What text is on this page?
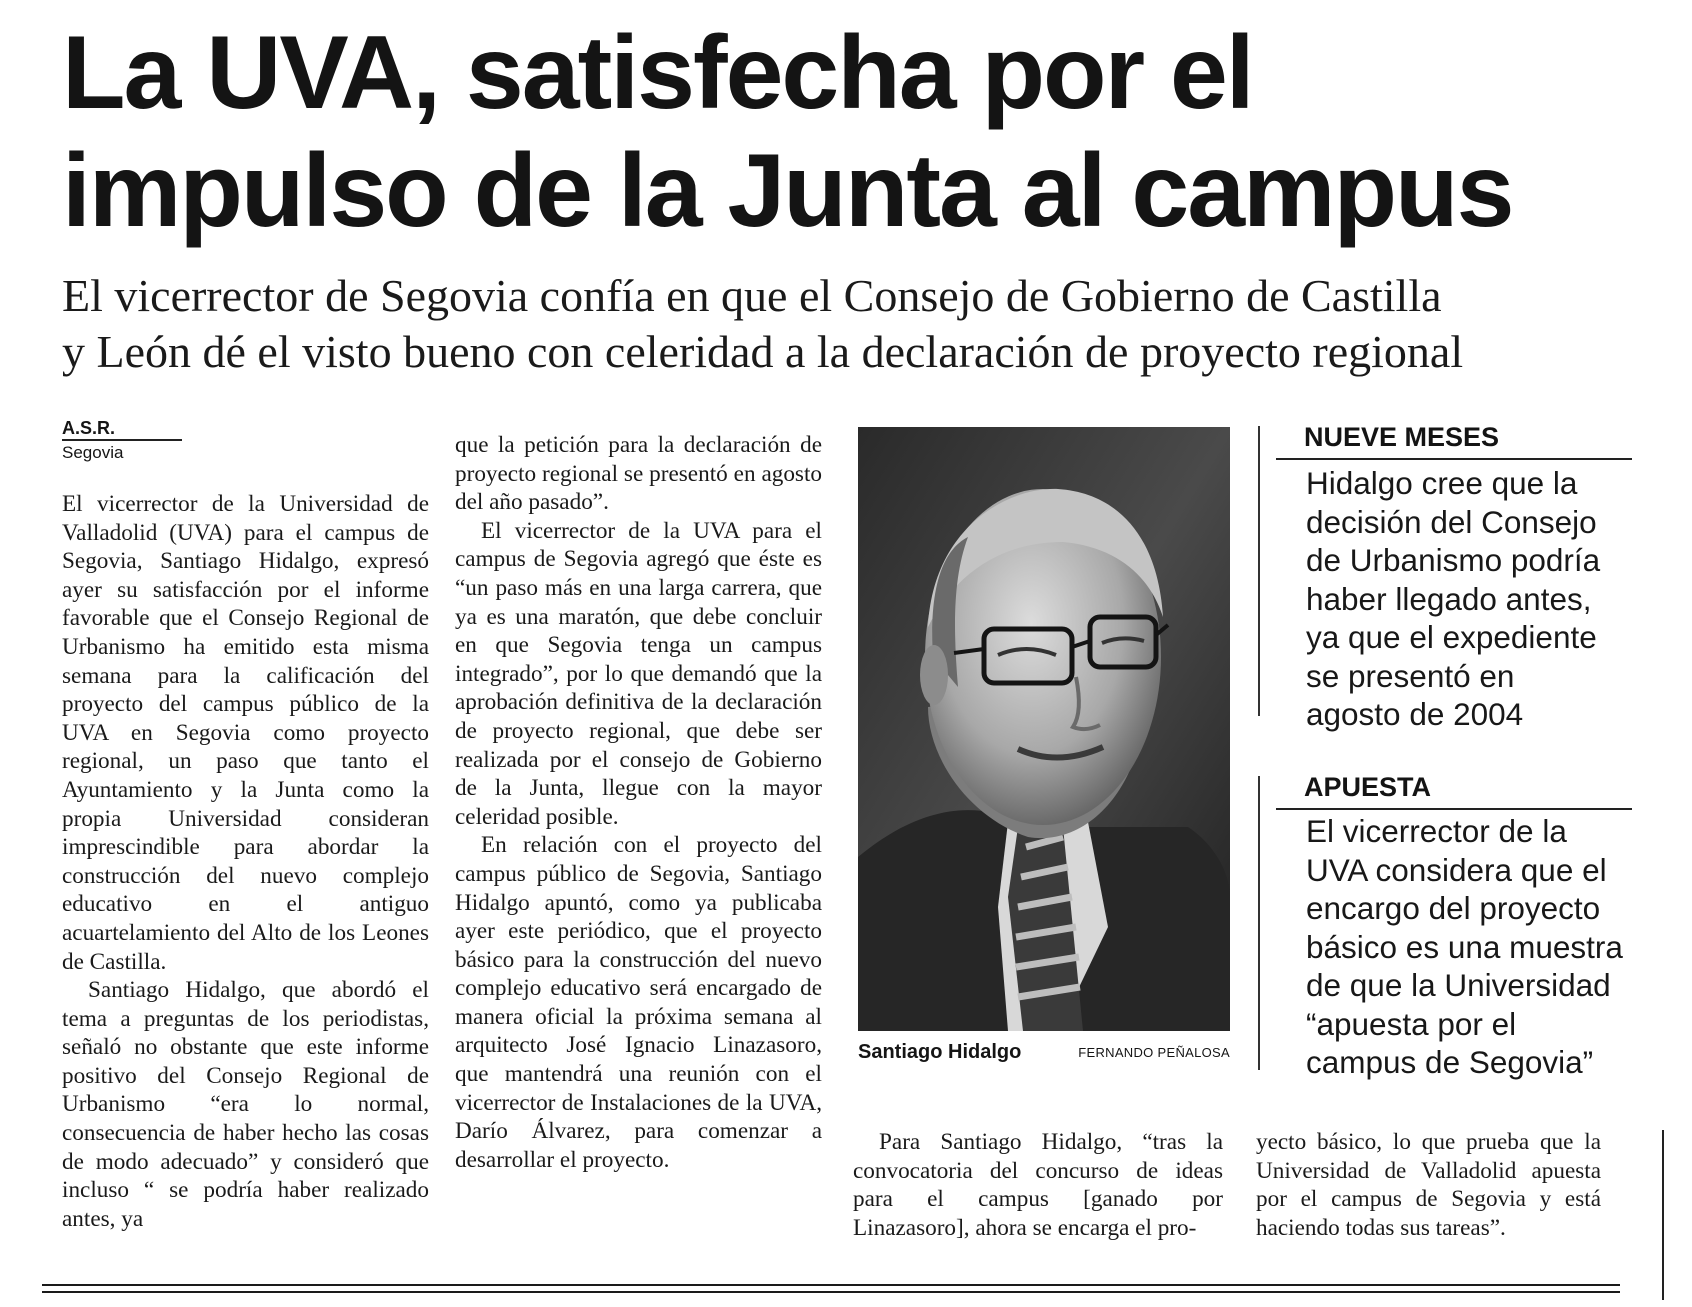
La UVA, satisfecha por el
impulso de la Junta al campus
El vicerrector de Segovia confía en que el Consejo de Gobierno de Castilla
y León dé el visto bueno con celeridad a la declaración de proyecto regional
A.S.R.
Segovia

El vicerrector de la Universidad de Valladolid (UVA) para el campus de Segovia, Santiago Hidalgo, expresó ayer su satisfacción por el informe favorable que el Consejo Regional de Urbanismo ha emitido esta misma semana para la calificación del proyecto del campus público de la UVA en Segovia como proyecto regional, un paso que tanto el Ayuntamiento y la Junta como la propia Universidad consideran imprescindible para abordar la construcción del nuevo complejo educativo en el antiguo acuartelamiento del Alto de los Leones de Castilla.

Santiago Hidalgo, que abordó el tema a preguntas de los periodistas, señaló no obstante que este informe positivo del Consejo Regional de Urbanismo “era lo normal, consecuencia de haber hecho las cosas de modo adecuado” y consideró que incluso “ se podría haber realizado antes, ya

que la petición para la declaración de proyecto regional se presentó en agosto del año pasado”.

El vicerrector de la UVA para el campus de Segovia agregó que éste es “un paso más en una larga carrera, que ya es una maratón, que debe concluir en que Segovia tenga un campus integrado”, por lo que demandó que la aprobación definitiva de la declaración de proyecto regional, que debe ser realizada por el consejo de Gobierno de la Junta, llegue con la mayor celeridad posible.

En relación con el proyecto del campus público de Segovia, Santiago Hidalgo apuntó, como ya publicaba ayer este periódico, que el proyecto básico para la construcción del nuevo complejo educativo será encargado de manera oficial la próxima semana al arquitecto José Ignacio Linazasoro, que mantendrá una reunión con el vicerrector de Instalaciones de la UVA, Darío Álvarez, para comenzar a desarrollar el proyecto.

Santiago Hidalgo	FERNANDO PEÑALOSA
NUEVE MESES
Hidalgo cree que la
decisión del Consejo
de Urbanismo podría
haber llegado antes,
ya que el expediente
se presentó en
agosto de 2004
APUESTA
El vicerrector de la
UVA considera que el
encargo del proyecto
básico es una muestra
de que la Universidad
“apuesta por el
campus de Segovia”

Para Santiago Hidalgo, “tras la convocatoria del concurso de ideas para el campus [ganado por Linazasoro], ahora se encarga el pro-

yecto básico, lo que prueba que la Universidad de Valladolid apuesta por el campus de Segovia y está haciendo todas sus tareas”.
